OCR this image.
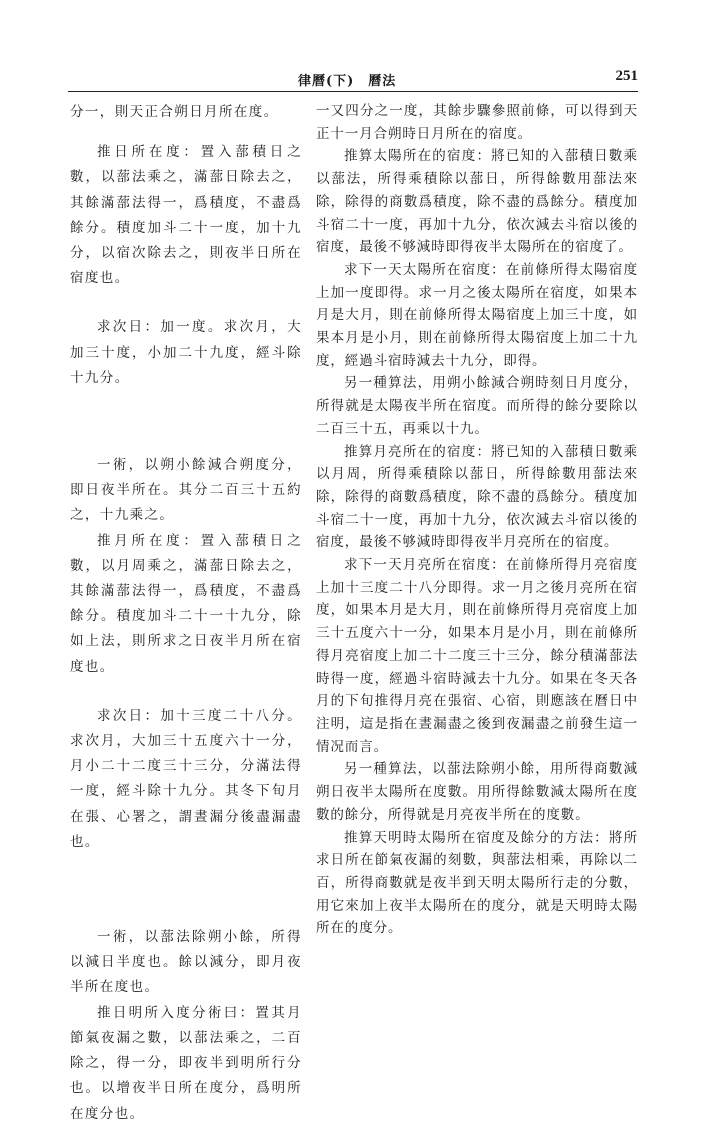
律曆(下)　曆法	251

分一，則天正合朔日月所在度。

推日所在度：置入蔀積日之數，以蔀法乘之，滿蔀日除去之，其餘滿蔀法得一，爲積度，不盡爲餘分。積度加斗二十一度，加十九分，以宿次除去之，則夜半日所在宿度也。

求次日：加一度。求次月，大加三十度，小加二十九度，經斗除十九分。

一術，以朔小餘減合朔度分，即日夜半所在。其分二百三十五約之，十九乘之。

推月所在度：置入蔀積日之數，以月周乘之，滿蔀日除去之，其餘滿蔀法得一，爲積度，不盡爲餘分。積度加斗二十一十九分，除如上法，則所求之日夜半月所在宿度也。

求次日：加十三度二十八分。求次月，大加三十五度六十一分，月小二十二度三十三分，分滿法得一度，經斗除十九分。其冬下旬月在張、心署之，謂晝漏分後盡漏盡也。

一術，以蔀法除朔小餘，所得以減日半度也。餘以減分，即月夜半所在度也。

推日明所入度分術曰：置其月節氣夜漏之數，以蔀法乘之，二百除之，得一分，即夜半到明所行分也。以增夜半日所在度分，爲明所在度分也。

一又四分之一度，其餘步驟參照前條，可以得到天正十一月合朔時日月所在的宿度。

推算太陽所在的宿度：將已知的入蔀積日數乘以蔀法，所得乘積除以蔀日，所得餘數用蔀法來除，除得的商數爲積度，除不盡的爲餘分。積度加斗宿二十一度，再加十九分，依次減去斗宿以後的宿度，最後不够減時即得夜半太陽所在的宿度了。

求下一天太陽所在宿度：在前條所得太陽宿度上加一度即得。求一月之後太陽所在宿度，如果本月是大月，則在前條所得太陽宿度上加三十度，如果本月是小月，則在前條所得太陽宿度上加二十九度，經過斗宿時減去十九分，即得。

另一種算法，用朔小餘減合朔時刻日月度分，所得就是太陽夜半所在宿度。而所得的餘分要除以二百三十五，再乘以十九。

推算月亮所在的宿度：將已知的入蔀積日數乘以月周，所得乘積除以蔀日，所得餘數用蔀法來除，除得的商數爲積度，除不盡的爲餘分。積度加斗宿二十一度，再加十九分，依次減去斗宿以後的宿度，最後不够減時即得夜半月亮所在的宿度。

求下一天月亮所在宿度：在前條所得月亮宿度上加十三度二十八分即得。求一月之後月亮所在宿度，如果本月是大月，則在前條所得月亮宿度上加三十五度六十一分，如果本月是小月，則在前條所得月亮宿度上加二十二度三十三分，餘分積滿蔀法時得一度，經過斗宿時減去十九分。如果在冬天各月的下旬推得月亮在張宿、心宿，則應該在曆日中注明，這是指在晝漏盡之後到夜漏盡之前發生這一情况而言。

另一種算法，以蔀法除朔小餘，用所得商數減朔日夜半太陽所在度數。用所得餘數減太陽所在度數的餘分，所得就是月亮夜半所在的度數。

推算天明時太陽所在宿度及餘分的方法：將所求日所在節氣夜漏的刻數，與蔀法相乘，再除以二百，所得商數就是夜半到天明太陽所行走的分數，用它來加上夜半太陽所在的度分，就是天明時太陽所在的度分。
